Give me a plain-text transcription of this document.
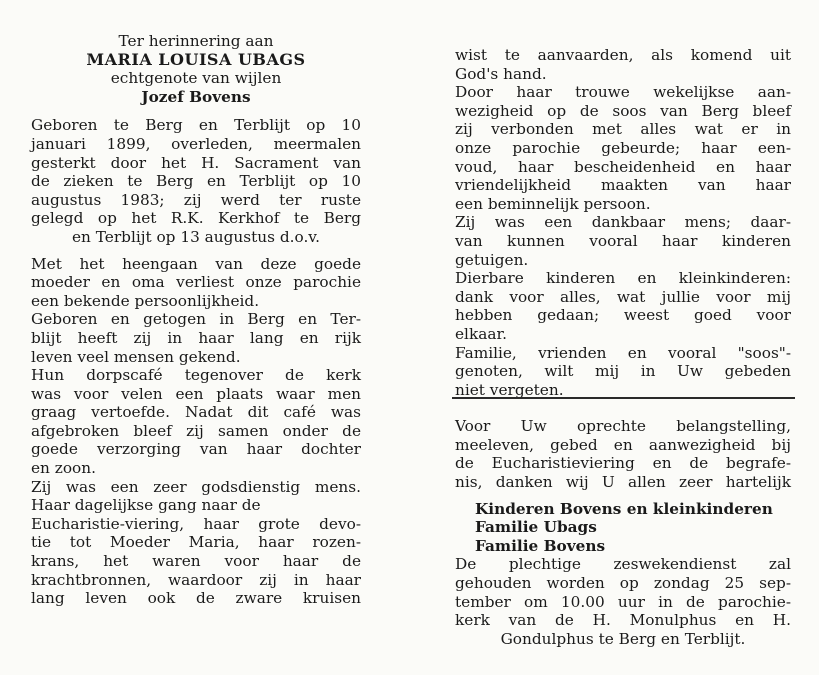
Ter herinnering aan
MARIA LOUISA UBAGS
echtgenote van wijlen
Jozef Bovens
Geboren te Berg en Terblijt op 10
januari 1899, overleden, meermalen
gesterkt door het H. Sacrament van
de zieken te Berg en Terblijt op 10
augustus 1983; zij werd ter ruste
gelegd op het R.K. Kerkhof te Berg
en Terblijt op 13 augustus d.o.v.
Met het heengaan van deze goede
moeder en oma verliest onze parochie
een bekende persoonlijkheid.
Geboren en getogen in Berg en Ter-
blijt heeft zij in haar lang en rijk
leven veel mensen gekend.
Hun dorpscafé tegenover de kerk
was voor velen een plaats waar men
graag vertoefde. Nadat dit café was
afgebroken bleef zij samen onder de
goede verzorging van haar dochter
en zoon.
Zij was een zeer godsdienstig mens.
Haar dagelijkse gang naar de
Eucharistie-viering, haar grote devo-
tie tot Moeder Maria, haar rozen-
krans, het waren voor haar de
krachtbronnen, waardoor zij in haar
lang leven ook de zware kruisen
wist te aanvaarden, als komend uit
God's hand.
Door haar trouwe wekelijkse aan-
wezigheid op de soos van Berg bleef
zij verbonden met alles wat er in
onze parochie gebeurde; haar een-
voud, haar bescheidenheid en haar
vriendelijkheid maakten van haar
een beminnelijk persoon.
Zij was een dankbaar mens; daar-
van kunnen vooral haar kinderen
getuigen.
Dierbare kinderen en kleinkinderen:
dank voor alles, wat jullie voor mij
hebben gedaan; weest goed voor
elkaar.
Familie, vrienden en vooral "soos"-
genoten, wilt mij in Uw gebeden
niet vergeten.
Voor Uw oprechte belangstelling,
meeleven, gebed en aanwezigheid bij
de Eucharistieviering en de begrafe-
nis, danken wij U allen zeer hartelijk
Kinderen Bovens en kleinkinderen
Familie Ubags
Familie Bovens
De plechtige zeswekendienst zal
gehouden worden op zondag 25 sep-
tember om 10.00 uur in de parochie-
kerk van de H. Monulphus en H.
Gondulphus te Berg en Terblijt.
